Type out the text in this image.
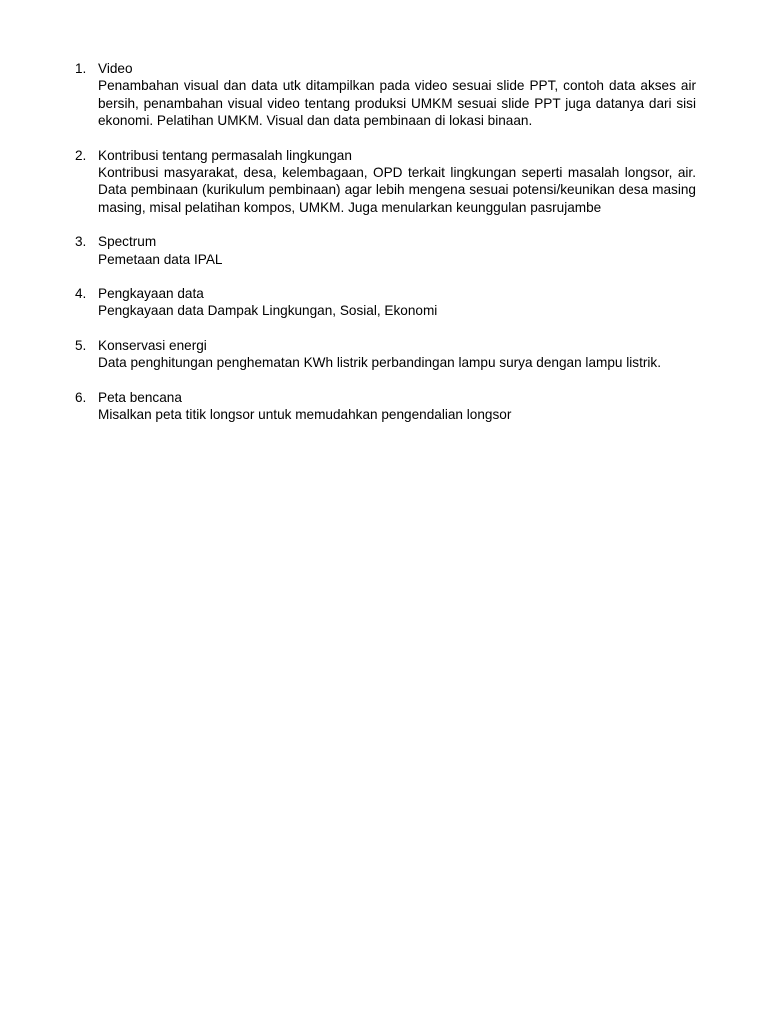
1. Video
Penambahan visual dan data utk ditampilkan pada video sesuai slide PPT, contoh data akses air bersih, penambahan visual video tentang produksi UMKM sesuai slide PPT juga datanya dari sisi ekonomi. Pelatihan UMKM. Visual dan data pembinaan di lokasi binaan.
2. Kontribusi tentang permasalah lingkungan
Kontribusi masyarakat, desa, kelembagaan, OPD terkait lingkungan seperti masalah longsor, air. Data pembinaan (kurikulum pembinaan) agar lebih mengena sesuai potensi/keunikan desa masing masing, misal pelatihan kompos, UMKM. Juga menularkan keunggulan pasrujambe
3. Spectrum
Pemetaan data IPAL
4. Pengkayaan data
Pengkayaan data Dampak Lingkungan, Sosial, Ekonomi
5. Konservasi energi
Data penghitungan penghematan KWh listrik perbandingan lampu surya dengan lampu listrik.
6. Peta bencana
Misalkan peta titik longsor untuk memudahkan pengendalian longsor
